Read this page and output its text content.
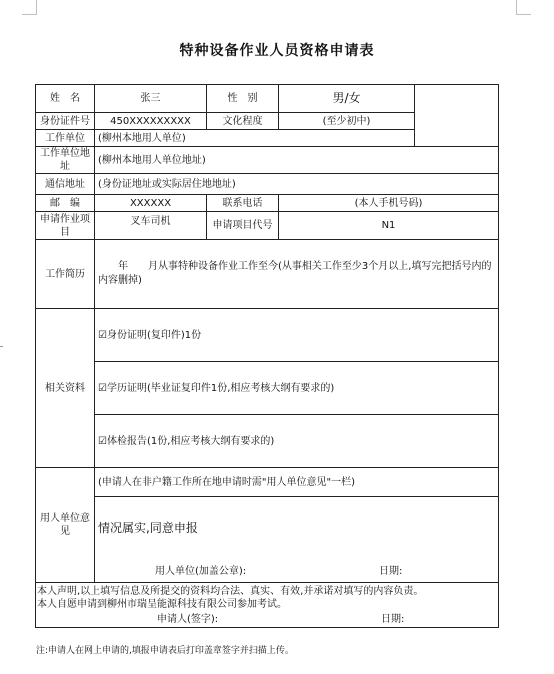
特种设备作业人员资格申请表
姓　名	张三	性　别	男/女	
身份证件号	450XXXXXXXXX	文化程度	(至少初中)	
工作单位	(柳州本地用人单位)			
工作单位地址	(柳州本地用人单位地址)			
通信地址	(身份证地址或实际居住地地址)			
邮　编	XXXXXX	联系电话	(本人手机号码)	
申请作业项目	叉车司机	申请项目代号	N1	
工作简历	　　年　　月从事特种设备作业工作至今(从事相关工作至少3个月以上,填写完把括号内的内容删掉)			
相关资料	☑身份证明(复印件)1份			
	☑学历证明(毕业证复印件1份,相应考核大纲有要求的)			
	☑体检报告(1份,相应考核大纲有要求的)			
用人单位意见	(申请人在非户籍工作所在地申请时需"用人单位意见"一栏)			
	情况属实,同意申报			

	用人单位(加盖公章): 日期:			

本人声明,以上填写信息及所提交的资料均合法、真实、有效,并承诺对填写的内容负责。
本人自愿申请到柳州市瑞呈能源科技有限公司参加考试。
申请人(签字): 日期:				
注:申请人在网上申请的,填报申请表后打印盖章签字并扫描上传。
